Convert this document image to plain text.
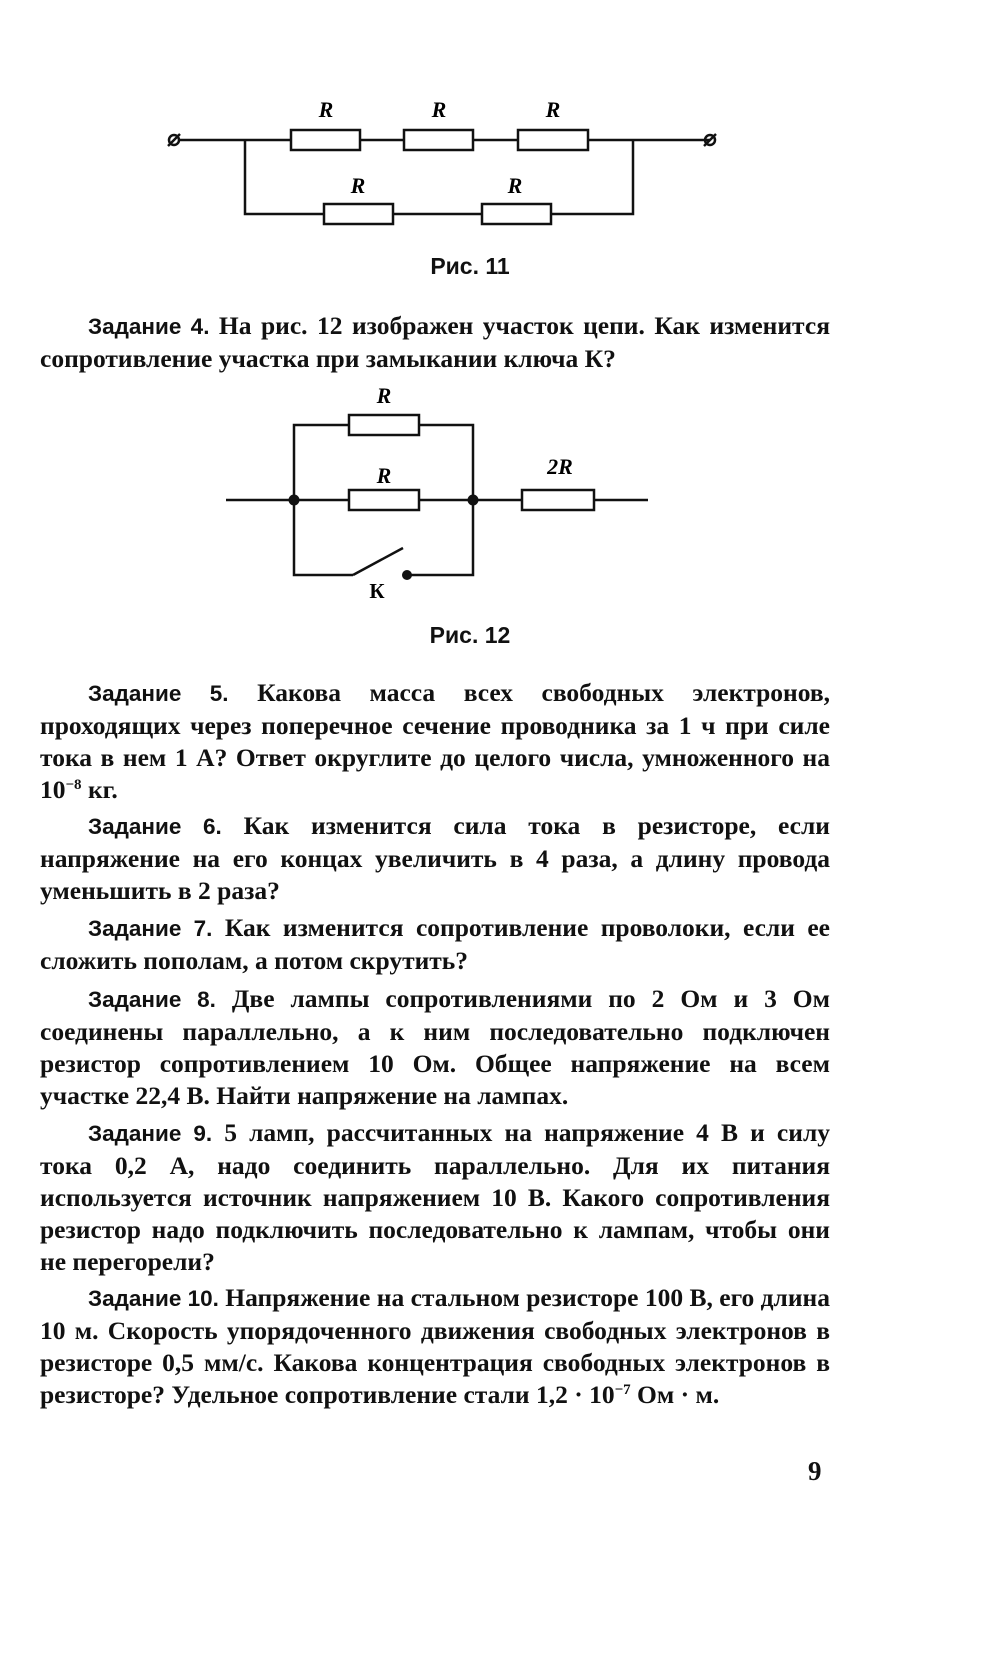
R	R	R
R	R
Рис. 11

Задание 4. На рис. 12 изображен участок цепи. Как изменится сопротивление участка при замыкании ключа К?

R
R	2R
К
Рис. 12

Задание 5. Какова масса всех свободных электронов, проходящих через поперечное сечение проводника за 1 ч при силе тока в нем 1 А? Ответ округлите до целого числа, умноженного на $10^{-8}$ кг.

Задание 6. Как изменится сила тока в резисторе, если напряжение на его концах увеличить в 4 раза, а длину провода уменьшить в 2 раза?

Задание 7. Как изменится сопротивление проволоки, если ее сложить пополам, а потом скрутить?

Задание 8. Две лампы сопротивлениями по 2 Ом и 3 Ом соединены параллельно, а к ним последовательно подключен резистор сопротивлением 10 Ом. Общее напряжение на всем участке 22,4 В. Найти напряжение на лампах.

Задание 9. 5 ламп, рассчитанных на напряжение 4 В и силу тока 0,2 А, надо соединить параллельно. Для их питания используется источник напряжением 10 В. Какого сопротивления резистор надо подключить последовательно к лампам, чтобы они не перегорели?

Задание 10. Напряжение на стальном резисторе 100 В, его длина 10 м. Скорость упорядоченного движения свободных электронов в резисторе 0,5 мм/с. Какова концентрация свободных электронов в резисторе? Удельное сопротивление стали $1,2 \cdot 10^{-7}$ Ом · м.

9
